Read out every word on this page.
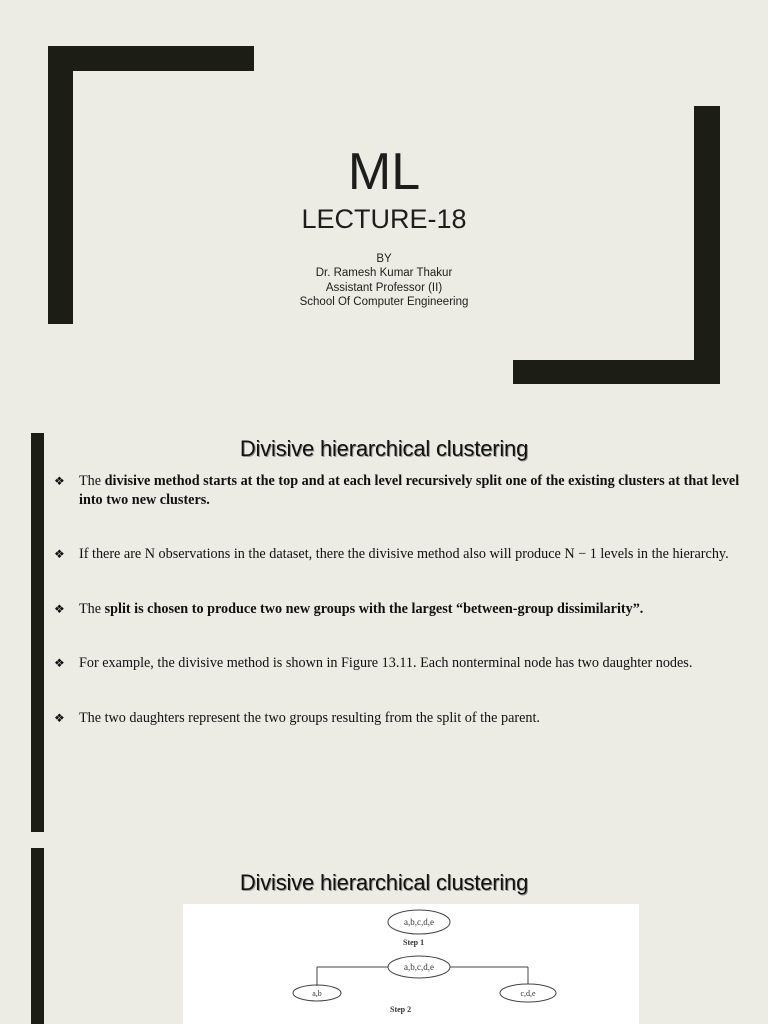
ML
LECTURE-18
BY
Dr. Ramesh Kumar Thakur
Assistant Professor (II)
School Of Computer Engineering
Divisive hierarchical clustering
❖ The divisive method starts at the top and at each level recursively split one of the existing clusters at that level into two new clusters.
❖ If there are N observations in the dataset, there the divisive method also will produce N − 1 levels in the hierarchy.
❖ The split is chosen to produce two new groups with the largest “between-group dissimilarity”.
❖ For example, the divisive method is shown in Figure 13.11. Each nonterminal node has two daughter nodes.
❖ The two daughters represent the two groups resulting from the split of the parent.
Divisive hierarchical clustering
a,b,c,d,e
Step 1
a,b,c,d,e
a,b	c,d,e
Step 2
